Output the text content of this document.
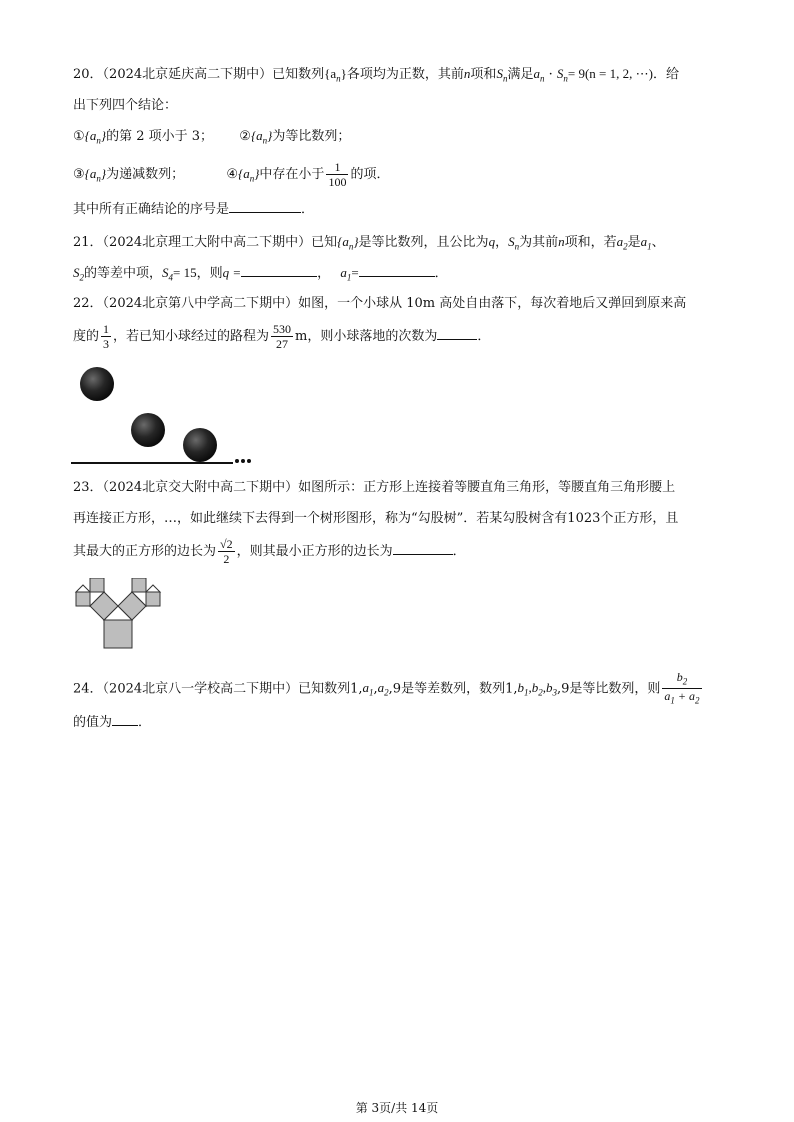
20．（2024北京延庆高二下期中）已知数列$\{a_n\}$各项均为正数，其前n项和$S_n$满足$a_n \cdot S_n= 9(n = 1$, 2, ⋯)．给
出下列四个结论：
$①\{a_n\}$的第 2 项小于 3； $②\{a_n\}$为等比数列；
$③\{a_n\}$为递减数列；	$④\{a_n\}$中存在小于 $\frac{1}{100}$ 的项．
其中所有正确结论的序号是	．
21．（2024北京理工大附中高二下期中）已知$\{a_n\}$是等比数列，且公比为q，$S_n$为其前n项和，若$a_2$是$a_1$、
$S_2$的等差中项，$S_4= 15$，则q =	， $a_1=$	．
22．（2024北京第八中学高二下期中）如图，一个小球从 10m 高处自由落下，每次着地后又弹回到原来高
度的 $\frac{1}{3}$ ，若已知小球经过的路程为 $\frac{530}{27}$ m，则小球落地的次数为	．
23．（2024北京交大附中高二下期中）如图所示：正方形上连接着等腰直角三角形，等腰直角三角形腰上
再连接正方形，…，如此继续下去得到一个树形图形，称为“勾股树”．若某勾股树含有1023个正方形，且
其最大的正方形的边长为 $\frac{√2}{2}$ ，则其最小正方形的边长为	．
24．（2024北京八一学校高二下期中）已知数列$1,a_1,a_2,9$是等差数列，数列$1,b_1,b_2,b_3,9$是等比数列，则 $\frac{b_2}{a_1 + a_2}$
的值为 ．
第 3页/共 14页
